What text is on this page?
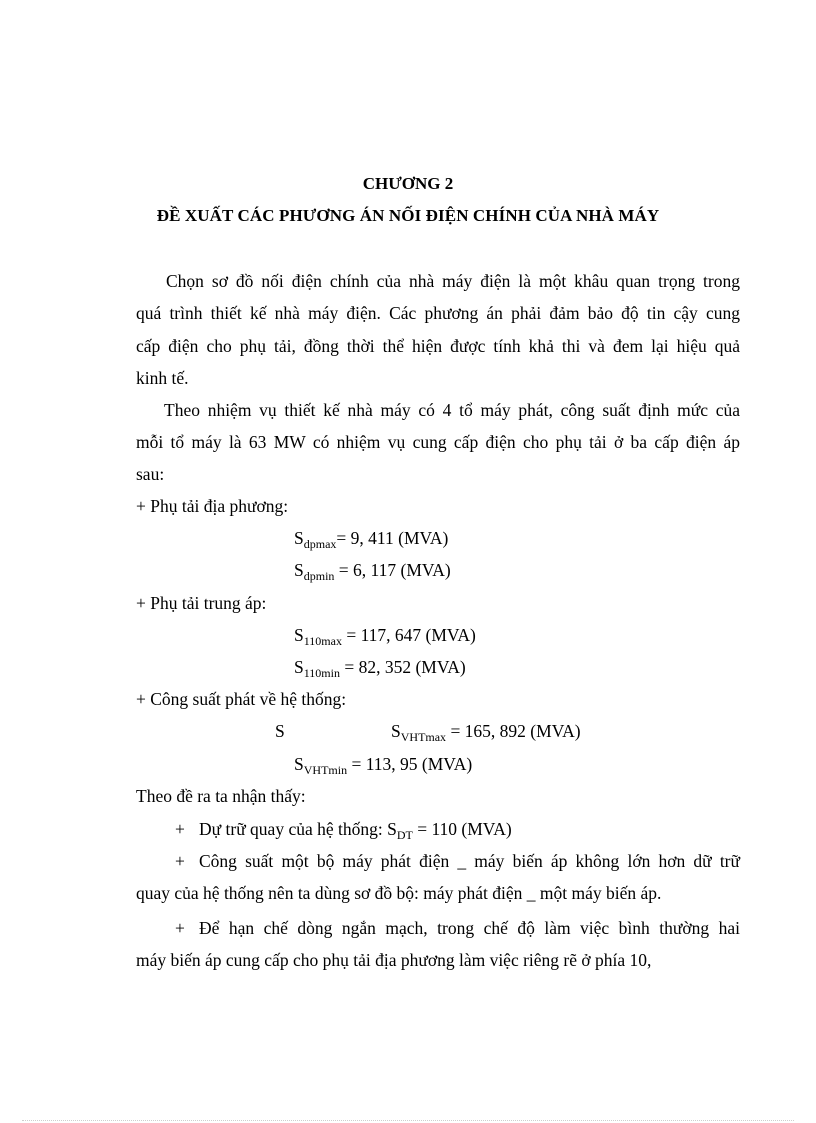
CHƯƠNG 2
ĐỀ XUẤT CÁC PHƯƠNG ÁN NỐI ĐIỆN CHÍNH CỦA NHÀ MÁY
Chọn sơ đồ nối điện chính của nhà máy điện là một khâu quan trọng trong
quá trình thiết kế nhà máy điện. Các phương án phải đảm bảo độ tin cậy cung
cấp điện cho phụ tải, đồng thời thể hiện được tính khả thi và đem lại hiệu quả
kinh tế.
Theo nhiệm vụ thiết kế nhà máy có 4 tổ máy phát, công suất định mức của
mỗi tổ máy là 63 MW có nhiệm vụ cung cấp điện cho phụ tải ở ba cấp điện áp
sau:
+ Phụ tải địa phương:
$S_{dpmax}= 9$, 411 (MVA)
$S_{dpmin} = 6$, 117 (MVA)
+ Phụ tải trung áp:
$S_{110max} = 117$, 647 (MVA)
$S_{110min} = 82$, 352 (MVA)
+ Công suất phát về hệ thống:
S	$S_{VHTmax} = 165$, 892 (MVA)
$S_{VHTmin} = 113$, 95 (MVA)
Theo đề ra ta nhận thấy:
+ Dự trữ quay của hệ thống: $S_{DT} = 110$ (MVA)
+ Công suất một bộ máy phát điện _ máy biến áp không lớn hơn dữ trữ
quay của hệ thống nên ta dùng sơ đồ bộ: máy phát điện _ một máy biến áp.
+ Để hạn chế dòng ngắn mạch, trong chế độ làm việc bình thường hai
máy biến áp cung cấp cho phụ tải địa phương làm việc riêng rẽ ở phía 10,
